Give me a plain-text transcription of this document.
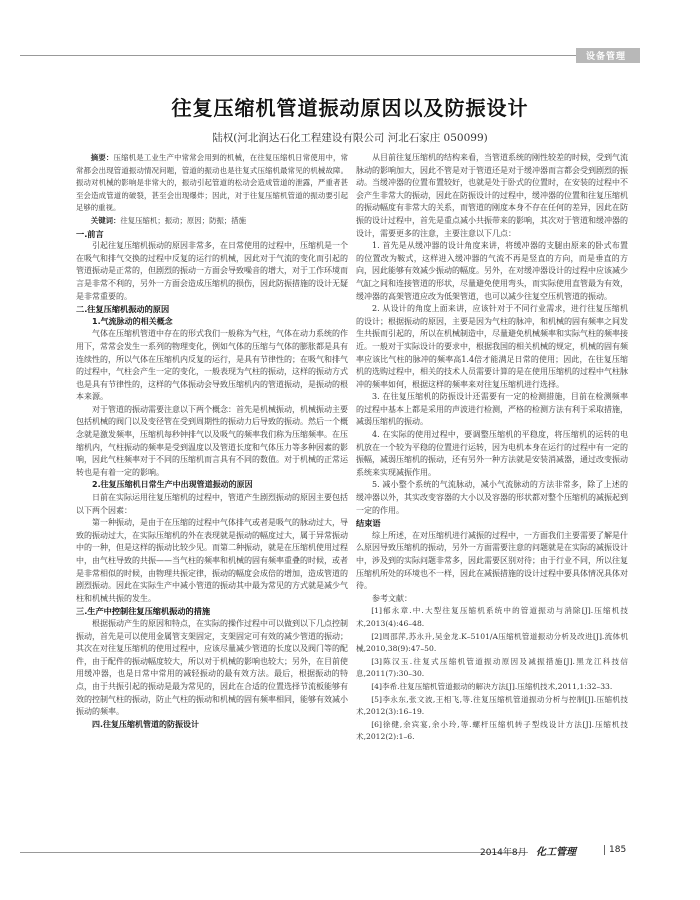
设备管理
往复压缩机管道振动原因以及防振设计
陆权(河北润达石化工程建设有限公司 河北石家庄 050099)

摘要：压缩机是工业生产中常常会用到的机械，在往复压缩机日常使用中，常常都会出现管道振动情况问题，管道的振动也是往复式压缩机最常见的机械故障。振动对机械的影响是非常大的，振动引起管道的松动会造成管道的泄露，严重者甚至会造成管道的破裂，甚至会出现爆炸；因此，对于往复压缩机管道的振动要引起足够的重视。

关键词：往复压缩机；振动；原因；防振；措施

一.前言

引起往复压缩机振动的原因非常多，在日常使用的过程中，压缩机是一个在吸气和排气交换的过程中反复的运行的机械，因此对于气流的变化而引起的管道振动是正常的，但剧烈的振动一方面会导致噪音的增大，对于工作环境而言是非常不利的，另外一方面会造成压缩机的损伤，因此防振措施的设计无疑是非常重要的。

二.往复压缩机振动的原因
1.气流脉动的相关概念

气体在压缩机管道中存在的形式我们一般称为气柱，气体在动力系统的作用下，常常会发生一系列的物理变化，例如气体的压缩与气体的膨胀都是具有连续性的，所以气体在压缩机内反复的运行，是具有节律性的；在吸气和排气的过程中，气柱会产生一定的变化，一般表现为气柱的振动，这样的振动方式也是具有节律性的，这样的气体振动会导致压缩机内的管道振动，是振动的根本来源。

对于管道的振动需要注意以下两个概念：首先是机械振动，机械振动主要包括机械的阀门以及变径管在受到周期性的振动力后导致的振动。然后一个概念就是激发频率，压缩机每秒钟排气以及吸气的频率我们称为压缩频率。在压缩机内，气柱振动的频率是受到温度以及管道长度和气体压力等多种因素的影响，因此气柱频率对于不同的压缩机而言具有不同的数值。对于机械的正常运转也是有着一定的影响。

2.往复压缩机日常生产中出现管道振动的原因

日前在实际运用往复压缩机的过程中，管道产生剧烈振动的原因主要包括以下两个因素：

第一种振动，是由于在压缩的过程中气体排气或者是吸气的脉动过大，导致的振动过大，在实际压缩机的外在表现就是振动的幅度过大，属于异常振动中的一种，但是这样的振动比较少见。而第二种振动，就是在压缩机使用过程中，由气柱导致的共振——当气柱的频率和机械的固有频率重叠的时候，或者是非常相似的时候，由物理共振定律，振动的幅度会成倍的增加，造成管道的剧烈振动。因此在实际生产中减小管道的振动其中最为常见的方式就是减少气柱和机械共振的发生。

三.生产中控制往复压缩机振动的措施

根据振动产生的原因和特点，在实际的操作过程中可以做到以下几点控制振动，首先是可以使用金属管支架固定，支架固定可有效的减少管道的振动；其次在对往复压缩机的使用过程中，应该尽量减少管道的长度以及阀门等的配件，由于配件的振动幅度较大，所以对于机械的影响也较大；另外，在目前使用缓冲器，也是日常中常用的减轻振动的最有效方法。最后，根据振动的特点，由于共振引起的振动是最为常见的，因此在合适的位置选择节流板能够有效的控制气柱的振动，防止气柱的振动和机械的固有频率相同，能够有效减小振动的频率。

四.往复压缩机管道的防振设计

从目前往复压缩机的结构来看，当管道系统的刚性较差的时候，受到气流脉动的影响加大，因此不管是对于管道还是对于缓冲器而言都会受到剧烈的振动。当缓冲器的位置布置较好，也就是处于卧式的位置时，在安装的过程中不会产生非常大的振动，因此在防振设计的过程中，缓冲器的位置和往复压缩机的振动幅度有非常大的关系，而管道的刚度本身不存在任何的差异，因此在防振的设计过程中，首先是重点减小共振带来的影响，其次对于管道和缓冲器的设计，需要更多的注意，主要注意以下几点：

1. 首先是从缓冲器的设计角度来讲，将缓冲器的支腿由原来的卧式布置的位置改为鞍式，这样进入缓冲器的气流不再是竖直的方向，而是垂直的方向，因此能够有效减少振动的幅度。另外，在对缓冲器设计的过程中应该减少气缸之间和连接管道的形状，尽量避免使用弯头，而实际使用直管最为有效，缓冲器的高架管道应改为低架管道，也可以减少往复空压机管道的振动。

2. 从设计的角度上面来讲，应该针对于不同行业需求，进行往复压缩机的设计；根据振动的原因，主要是因为气柱的脉冲，和机械的固有频率之间发生共振而引起的，所以在机械制造中，尽量避免机械频率和实际气柱的频率接近。一般对于实际设计的要求中，根据我国的相关机械的规定，机械的固有频率应该比气柱的脉冲的频率高1.4倍才能满足日常的使用；因此，在往复压缩机的选购过程中，相关的技术人员需要计算的是在使用压缩机的过程中气柱脉冲的频率如何，根据这样的频率来对往复压缩机进行选择。

3. 在往复压缩机的防振设计还需要有一定的检测措施，目前在检测频率的过程中基本上都是采用的声波进行检测，严格的检测方法有利于采取措施，减弱压缩机的振动。

4. 在实际的使用过程中，要调整压缩机的平稳度，将压缩机的运转的电机放在一个较为平稳的位置进行运转，因为电机本身在运行的过程中有一定的振幅，减弱压缩机的振动，还有另外一种方法就是安装消减器，通过改变振动系统来实现减振作用。

5. 减小整个系统的气流脉动，减小气流脉动的方法非常多，除了上述的缓冲器以外，其实改变容器的大小以及容器的形状都对整个压缩机的减振起到一定的作用。

结束语

综上所述，在对压缩机进行减振的过程中，一方面我们主要需要了解是什么原因导致压缩机的振动，另外一方面需要注意的问题就是在实际的减振设计中，涉及到的实际问题非常多，因此需要区别对待；由于行业不同，所以往复压缩机所处的环境也不一样，因此在减振措施的设计过程中要具体情况具体对待。

参考文献：

[1]郁永章.中.大型往复压缩机系统中的管道振动与消除[J].压缩机技术,2013(4):46–48.

[2]周邵萍,苏永升,吴金龙.K–5101/A压缩机管道振动分析及改进[J].流体机械,2010,38(9):47–50.

[3]陈汉玉.往复式压缩机管道振动原因及减振措施[J].黑龙江科技信息,2011(7):30–30.

[4]李希.往复压缩机管道振动的解决方法[J].压缩机技术,2011,1:32–33.

[5]李永东,张文波,王相飞,等.往复压缩机管道振动分析与控制[J].压缩机技术,2012(3):16–19.

[6]徐健,余宾宴,余小玲,等.螺杆压缩机转子型线设计方法[J].压缩机技术,2012(2):1–6.

2014年8月 化工管理	185
